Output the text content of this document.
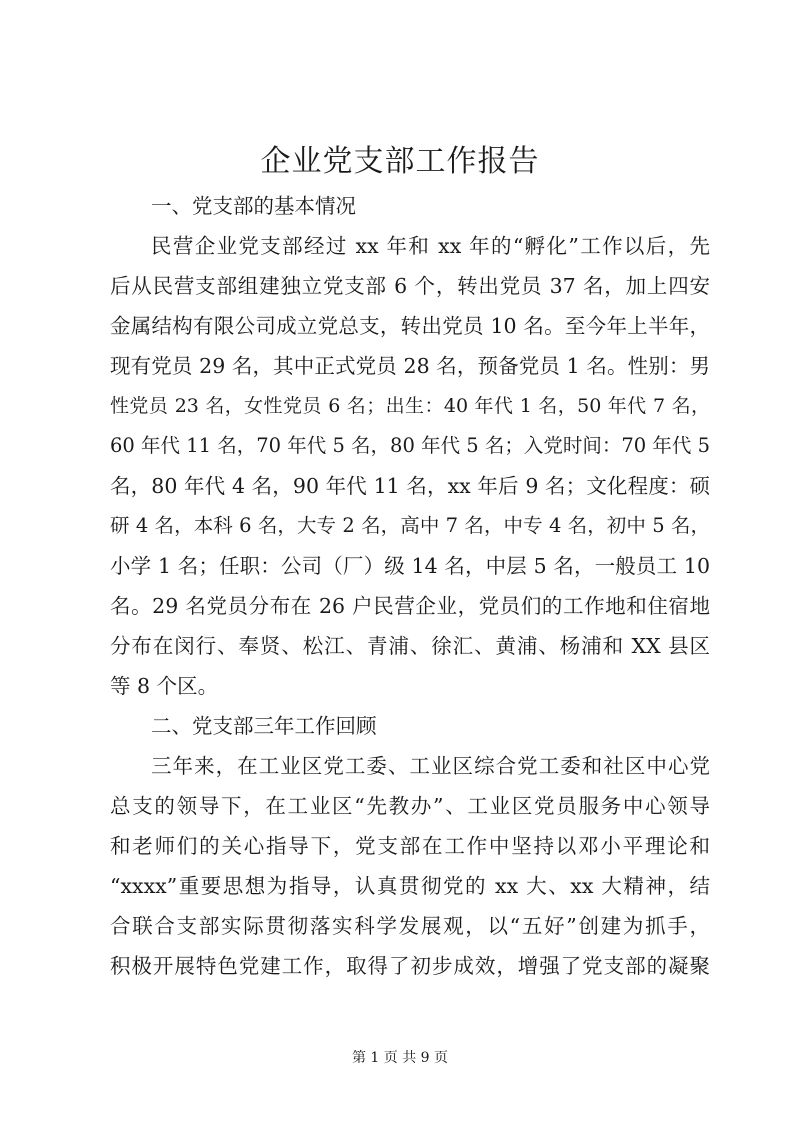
企业党支部工作报告
一、党支部的基本情况
民营企业党支部经过 xx 年和 xx 年的“孵化”工作以后，先
后从民营支部组建独立党支部 6 个，转出党员 37 名，加上四安
金属结构有限公司成立党总支，转出党员 10 名。至今年上半年，
现有党员 29 名，其中正式党员 28 名，预备党员 1 名。性别：男
性党员 23 名，女性党员 6 名；出生：40 年代 1 名，50 年代 7 名，
60 年代 11 名，70 年代 5 名，80 年代 5 名；入党时间：70 年代 5
名，80 年代 4 名，90 年代 11 名，xx 年后 9 名；文化程度：硕
研 4 名，本科 6 名，大专 2 名，高中 7 名，中专 4 名，初中 5 名，
小学 1 名；任职：公司（厂）级 14 名，中层 5 名，一般员工 10
名。29 名党员分布在 26 户民营企业，党员们的工作地和住宿地
分布在闵行、奉贤、松江、青浦、徐汇、黄浦、杨浦和 XX 县区
等 8 个区。
二、党支部三年工作回顾
三年来，在工业区党工委、工业区综合党工委和社区中心党
总支的领导下，在工业区“先教办”、工业区党员服务中心领导
和老师们的关心指导下，党支部在工作中坚持以邓小平理论和
“xxxx”重要思想为指导，认真贯彻党的 xx 大、xx 大精神，结
合联合支部实际贯彻落实科学发展观，以“五好”创建为抓手，
积极开展特色党建工作，取得了初步成效，增强了党支部的凝聚
第 1 页 共 9 页
